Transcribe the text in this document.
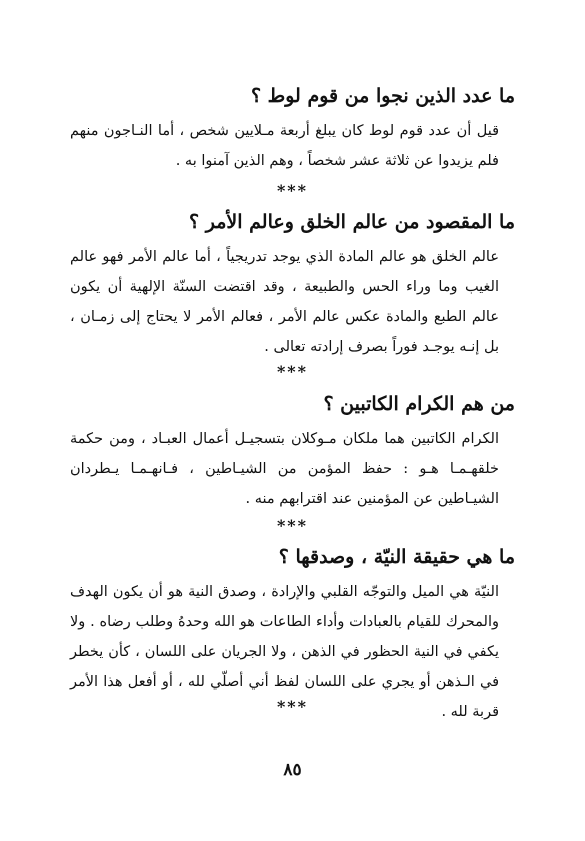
ما عدد الذين نجوا من قوم لوط ؟

قيل أن عدد قوم لوط كان يبلغ أربعة مـلايين شخص ، أما النـاجون منهم فلم يزيدوا عن ثلاثة عشر شخصاً ، وهم الذين آمنوا به .

***

ما المقصود من عالم الخلق وعالم الأمر ؟

عالم الخلق هو عالم المادة الذي يوجد تدريجياً ، أما عالم الأمر فهو عالم الغيب وما وراء الحس والطبيعة ، وقد اقتضت السنّة الإلهية أن يكون عالم الطبع والمادة عكس عالم الأمر ، فعالم الأمر لا يحتاج إلى زمـان ، بل إنـه يوجـد فوراً بصرف إرادته تعالى .

***

من هم الكرام الكاتبين ؟

الكرام الكاتبين هما ملكان مـوكلان بتسجيـل أعمال العبـاد ، ومن حكمة خلقهـمـا هـو : حفظ المؤمن من الشيـاطين ، فـانهـمـا يـطردان الشيـاطين عن المؤمنين عند اقترابهم منه .

***

ما هي حقيقة النيّة ، وصدقها ؟

النيّة هي الميل والتوجّه القلبي والإرادة ، وصدق النية هو أن يكون الهدف والمحرك للقيام بالعبادات وأداء الطاعات هو الله وحدهُ وطلب رضاه . ولا يكفي في النية الحظور في الذهن ، ولا الجريان على اللسان ، كأن يخطر في الـذهن أو يجري على اللسان لفظ أني أصلّي لله ، أو أفعل هذا الأمر قربة لله .

***
٨٥
